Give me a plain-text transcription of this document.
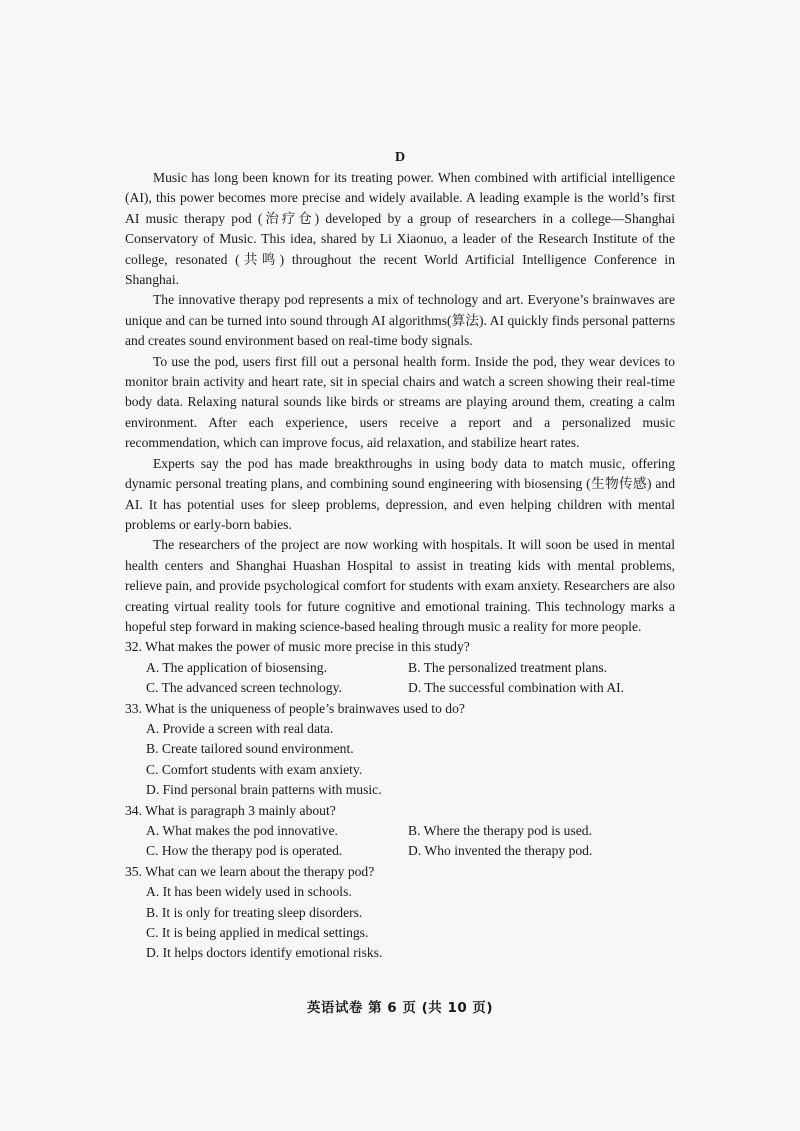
D

Music has long been known for its treating power. When combined with artificial intelligence (AI), this power becomes more precise and widely available. A leading example is the world’s first AI music therapy pod (治疗仓) developed by a group of researchers in a college—Shanghai Conservatory of Music. This idea, shared by Li Xiaonuo, a leader of the Research Institute of the college, resonated (共鸣) throughout the recent World Artificial Intelligence Conference in Shanghai.

The innovative therapy pod represents a mix of technology and art. Everyone’s brainwaves are unique and can be turned into sound through AI algorithms(算法). AI quickly finds personal patterns and creates sound environment based on real-time body signals.

To use the pod, users first fill out a personal health form. Inside the pod, they wear devices to monitor brain activity and heart rate, sit in special chairs and watch a screen showing their real-time body data. Relaxing natural sounds like birds or streams are playing around them, creating a calm environment. After each experience, users receive a report and a personalized music recommendation, which can improve focus, aid relaxation, and stabilize heart rates.

Experts say the pod has made breakthroughs in using body data to match music, offering dynamic personal treating plans, and combining sound engineering with biosensing (生物传感) and AI. It has potential uses for sleep problems, depression, and even helping children with mental problems or early-born babies.

The researchers of the project are now working with hospitals. It will soon be used in mental health centers and Shanghai Huashan Hospital to assist in treating kids with mental problems, relieve pain, and provide psychological comfort for students with exam anxiety. Researchers are also creating virtual reality tools for future cognitive and emotional training. This technology marks a hopeful step forward in making science-based healing through music a reality for more people.

32. What makes the power of music more precise in this study?

A. The application of biosensing.	B. The personalized treatment plans.
C. The advanced screen technology.	D. The successful combination with AI.

33. What is the uniqueness of people’s brainwaves used to do?

A. Provide a screen with real data.

B. Create tailored sound environment.

C. Comfort students with exam anxiety.

D. Find personal brain patterns with music.

34. What is paragraph 3 mainly about?

A. What makes the pod innovative.	B. Where the therapy pod is used.
C. How the therapy pod is operated.	D. Who invented the therapy pod.

35. What can we learn about the therapy pod?

A. It has been widely used in schools.

B. It is only for treating sleep disorders.

C. It is being applied in medical settings.

D. It helps doctors identify emotional risks.

英语试卷 第 6 页 (共 10 页)
